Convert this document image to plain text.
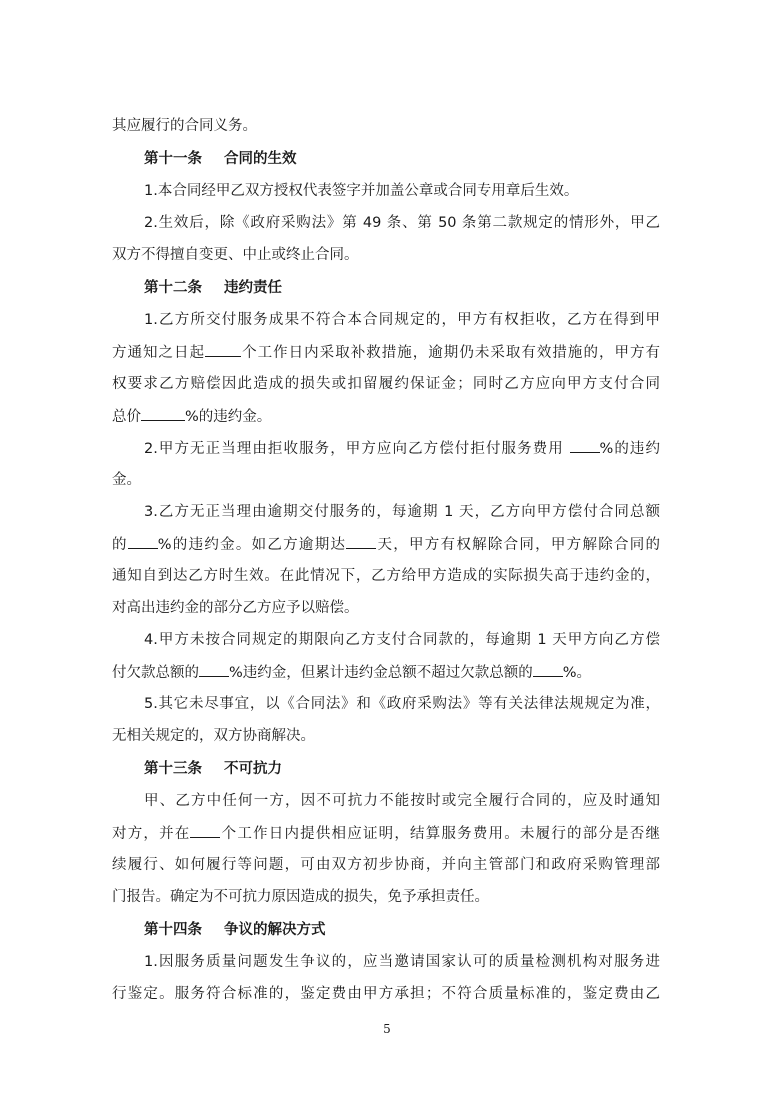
其应履行的合同义务。
第十一条 合同的生效
1.本合同经甲乙双方授权代表签字并加盖公章或合同专用章后生效。
2.生效后，除《政府采购法》第 49 条、第 50 条第二款规定的情形外，甲乙
双方不得擅自变更、中止或终止合同。
第十二条 违约责任
1.乙方所交付服务成果不符合本合同规定的，甲方有权拒收，乙方在得到甲
方通知之日起 个工作日内采取补救措施，逾期仍未采取有效措施的，甲方有
权要求乙方赔偿因此造成的损失或扣留履约保证金；同时乙方应向甲方支付合同
总价	%的违约金。
2.甲方无正当理由拒收服务，甲方应向乙方偿付拒付服务费用 %的违约
金。
3.乙方无正当理由逾期交付服务的，每逾期 1 天，乙方向甲方偿付合同总额
的 %的违约金。如乙方逾期达 天，甲方有权解除合同，甲方解除合同的
通知自到达乙方时生效。在此情况下，乙方给甲方造成的实际损失高于违约金的，
对高出违约金的部分乙方应予以赔偿。
4.甲方未按合同规定的期限向乙方支付合同款的，每逾期 1 天甲方向乙方偿
付欠款总额的 %违约金，但累计违约金总额不超过欠款总额的 %。
5.其它未尽事宜，以《合同法》和《政府采购法》等有关法律法规规定为准，
无相关规定的，双方协商解决。
第十三条 不可抗力
甲、乙方中任何一方，因不可抗力不能按时或完全履行合同的，应及时通知
对方，并在 个工作日内提供相应证明，结算服务费用。未履行的部分是否继
续履行、如何履行等问题，可由双方初步协商，并向主管部门和政府采购管理部
门报告。确定为不可抗力原因造成的损失，免予承担责任。
第十四条 争议的解决方式
1.因服务质量问题发生争议的，应当邀请国家认可的质量检测机构对服务进
行鉴定。服务符合标准的，鉴定费由甲方承担；不符合质量标准的，鉴定费由乙
5
